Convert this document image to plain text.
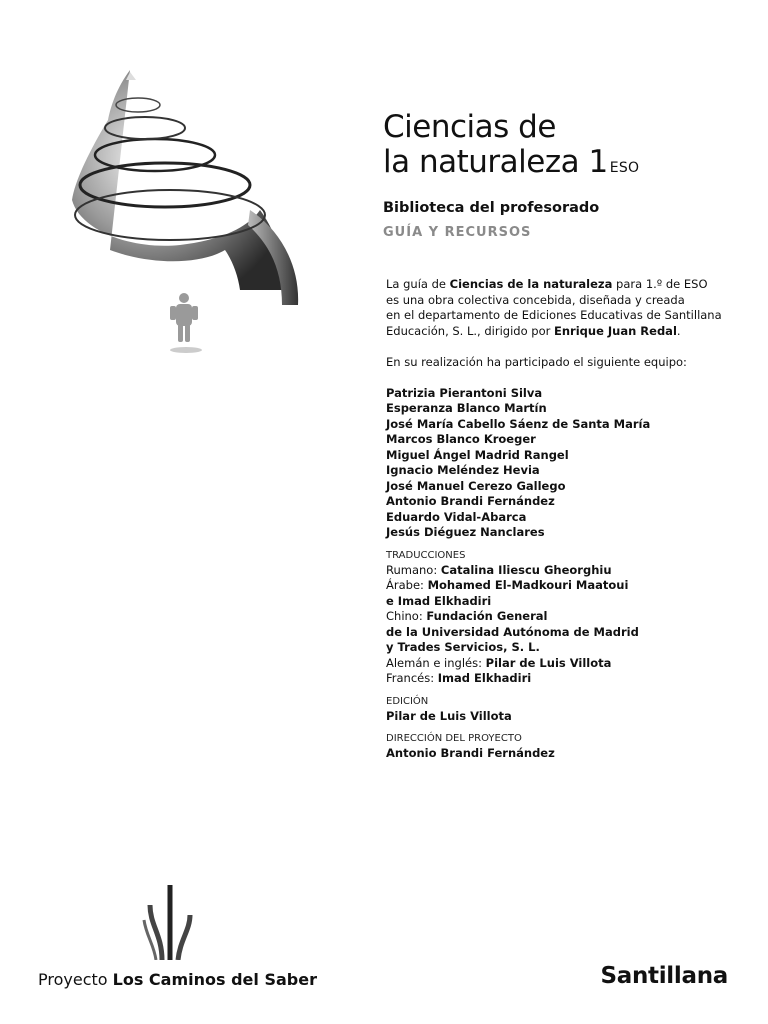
Ciencias de
la naturaleza 1 ESO
Biblioteca del profesorado
GUÍA Y RECURSOS

La guía de Ciencias de la naturaleza para 1.º de ESO

es una obra colectiva concebida, diseñada y creada

en el departamento de Ediciones Educativas de Santillana

Educación, S. L., dirigido por Enrique Juan Redal.

En su realización ha participado el siguiente equipo:
Patrizia Pierantoni Silva
Esperanza Blanco Martín
José María Cabello Sáenz de Santa María
Marcos Blanco Kroeger
Miguel Ángel Madrid Rangel
Ignacio Meléndez Hevia
José Manuel Cerezo Gallego
Antonio Brandi Fernández
Eduardo Vidal-Abarca
Jesús Diéguez Nanclares
TRADUCCIONES
Rumano: Catalina Iliescu Gheorghiu
Árabe: Mohamed El-Madkouri Maatoui
e Imad Elkhadiri
Chino: Fundación General
de la Universidad Autónoma de Madrid
y Trades Servicios, S. L.
Alemán e inglés: Pilar de Luis Villota
Francés: Imad Elkhadiri
EDICIÓN
Pilar de Luis Villota
DIRECCIÓN DEL PROYECTO
Antonio Brandi Fernández
Proyecto Los Caminos del Saber	Santillana
